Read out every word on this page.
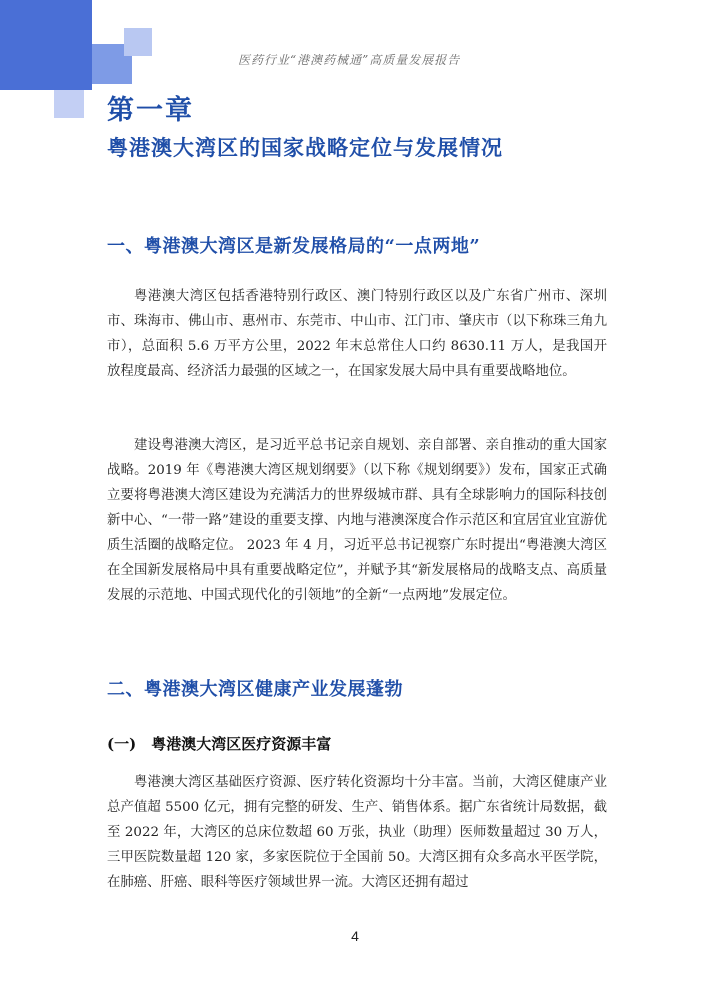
医药行业“港澳药械通”高质量发展报告
第一章
粤港澳大湾区的国家战略定位与发展情况
一、粤港澳大湾区是新发展格局的“一点两地”
粤港澳大湾区包括香港特别行政区、澳门特别行政区以及广东省广州市、深圳市、珠海市、佛山市、惠州市、东莞市、中山市、江门市、肇庆市（以下称珠三角九市），总面积 5.6 万平方公里，2022 年末总常住人口约 8630.11 万人，是我国开放程度最高、经济活力最强的区域之一，在国家发展大局中具有重要战略地位。
建设粤港澳大湾区，是习近平总书记亲自规划、亲自部署、亲自推动的重大国家战略。2019 年《粤港澳大湾区规划纲要》（以下称《规划纲要》）发布，国家正式确立要将粤港澳大湾区建设为充满活力的世界级城市群、具有全球影响力的国际科技创新中心、“一带一路”建设的重要支撑、内地与港澳深度合作示范区和宜居宜业宜游优质生活圈的战略定位。 2023 年 4 月，习近平总书记视察广东时提出“粤港澳大湾区在全国新发展格局中具有重要战略定位”，并赋予其“新发展格局的战略支点、高质量发展的示范地、中国式现代化的引领地”的全新“一点两地”发展定位。
二、粤港澳大湾区健康产业发展蓬勃
(一)　粤港澳大湾区医疗资源丰富
粤港澳大湾区基础医疗资源、医疗转化资源均十分丰富。当前，大湾区健康产业总产值超 5500 亿元，拥有完整的研发、生产、销售体系。据广东省统计局数据，截至 2022 年，大湾区的总床位数超 60 万张，执业（助理）医师数量超过 30 万人，三甲医院数量超 120 家，多家医院位于全国前 50。大湾区拥有众多高水平医学院，在肺癌、肝癌、眼科等医疗领域世界一流。大湾区还拥有超过
4
